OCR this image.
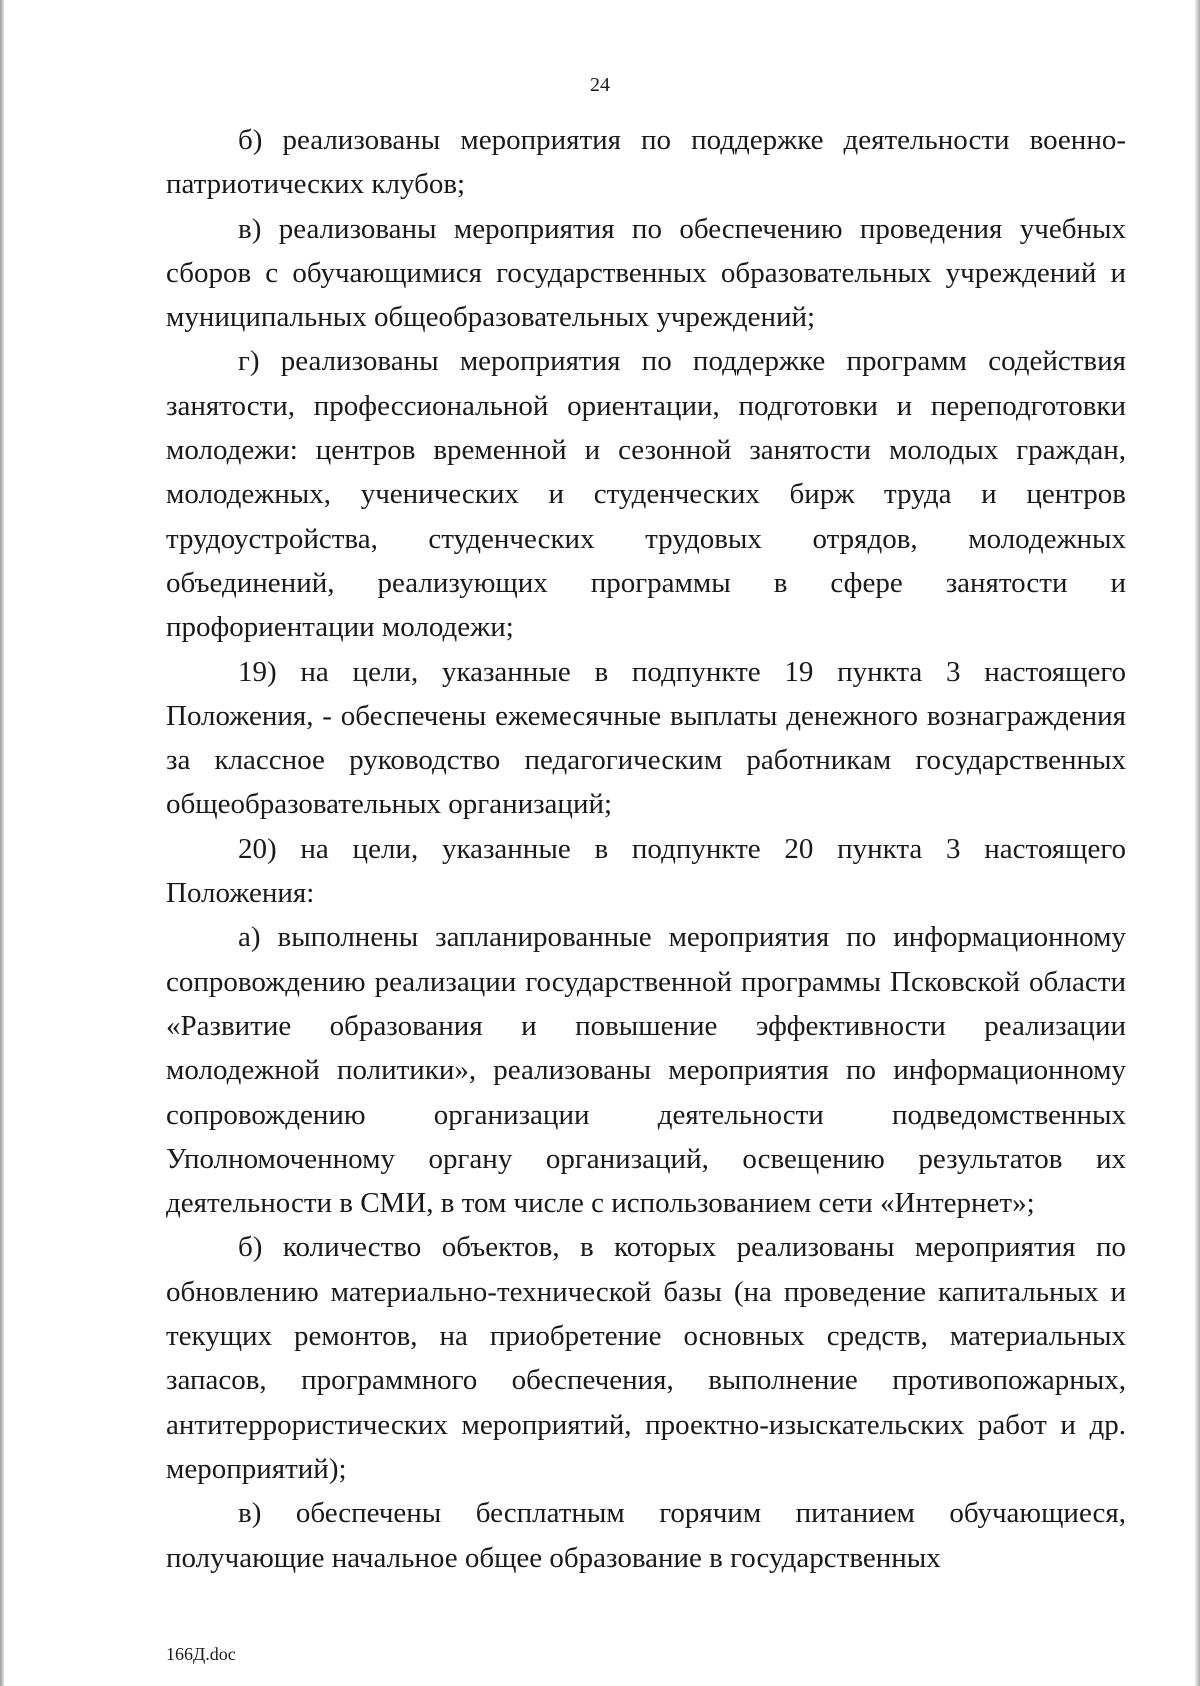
24

б) реализованы мероприятия по поддержке деятельности военно-патриотических клубов;

в) реализованы мероприятия по обеспечению проведения учебных сборов с обучающимися государственных образовательных учреждений и муниципальных общеобразовательных учреждений;

г) реализованы мероприятия по поддержке программ содействия занятости, профессиональной ориентации, подготовки и переподготовки молодежи: центров временной и сезонной занятости молодых граждан, молодежных, ученических и студенческих бирж труда и центров трудоустройства, студенческих трудовых отрядов, молодежных объединений, реализующих программы в сфере занятости и профориентации молодежи;

19) на цели, указанные в подпункте 19 пункта 3 настоящего Положения, - обеспечены ежемесячные выплаты денежного вознаграждения за классное руководство педагогическим работникам государственных общеобразовательных организаций;

20) на цели, указанные в подпункте 20 пункта 3 настоящего Положения:

а) выполнены запланированные мероприятия по информационному сопровождению реализации государственной программы Псковской области «Развитие образования и повышение эффективности реализации молодежной политики», реализованы мероприятия по информационному сопровождению организации деятельности подведомственных Уполномоченному органу организаций, освещению результатов их деятельности в СМИ, в том числе с использованием сети «Интернет»;

б) количество объектов, в которых реализованы мероприятия по обновлению материально-технической базы (на проведение капитальных и текущих ремонтов, на приобретение основных средств, материальных запасов, программного обеспечения, выполнение противопожарных, антитеррористических мероприятий, проектно-изыскательских работ и др. мероприятий);

в) обеспечены бесплатным горячим питанием обучающиеся, получающие начальное общее образование в государственных

166Д.doc
